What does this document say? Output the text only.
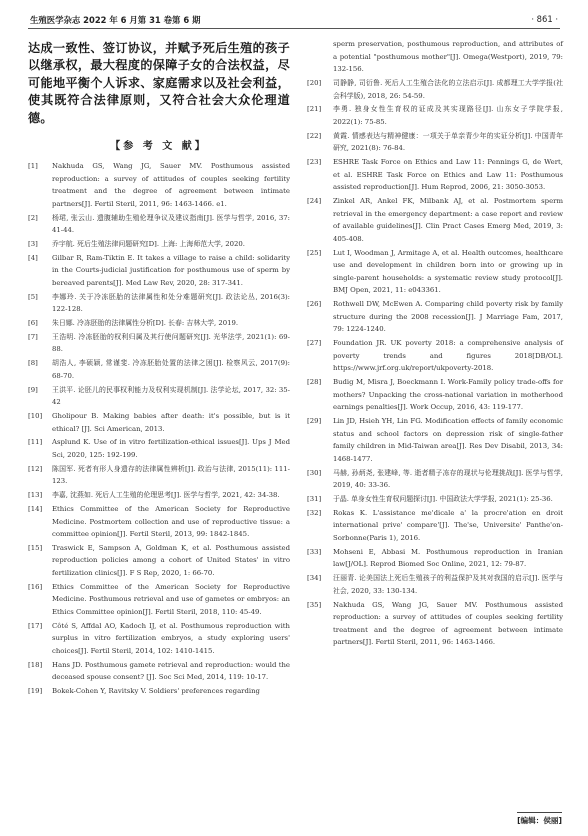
生殖医学杂志 2022 年 6 月第 31 卷第 6 期	· 861 ·

达成一致性、签订协议，并赋予死后生殖的孩子以继承权，最大程度的保障子女的合法权益，尽可能地平衡个人诉求、家庭需求以及社会利益，使其既符合法律原则，又符合社会大众伦理道德。

【参 考 文 献】
[1] Nakhuda GS, Wang JG, Sauer MV. Posthumous assisted reproduction: a survey of attitudes of couples seeking fertility treatment and the degree of agreement between intimate partners[J]. Fertil Steril, 2011, 96: 1463-1466. e1.
[2] 杨珺, 张云山. 遗腹辅助生殖伦理争议及建议指南[J]. 医学与哲学, 2016, 37: 41-44.
[3] 乔宇航. 死后生殖法律问题研究[D]. 上海: 上海师范大学, 2020.
[4] Gilbar R, Ram-Tiktin E. It takes a village to raise a child: solidarity in the Courts-judicial justification for posthumous use of sperm by bereaved parents[J]. Med Law Rev, 2020, 28: 317-341.
[5] 李娜玲. 关于冷冻胚胎的法律属性和处分难题研究[J]. 政法论丛, 2016(3): 122-128.
[6] 朱日娜. 冷冻胚胎的法律属性分析[D]. 长春: 吉林大学, 2019.
[7] 王浩明. 冷冻胚胎的权利归属及其行使问题研究[J]. 光华法学, 2021(1): 69-88.
[8] 胡浩人, 李硕颖, 常谨斐. 冷冻胚胎处置的法律之困[J]. 检察风云, 2017(9): 68-70.
[9] 王洪平. 论胚儿的民事权利能力及权利实现机制[J]. 法学论坛, 2017, 32: 35-42
[10] Gholipour B. Making babies after death: it's possible, but is it ethical? [J]. Sci American, 2013.
[11] Asplund K. Use of in vitro fertilization-ethical issues[J]. Ups J Med Sci, 2020, 125: 192-199.
[12] 陈国军. 死者有形人身遗存的法律属性辨析[J]. 政治与法律, 2015(11): 111-123.
[13] 李嘉, 沈燕如. 死后人工生殖的伦理思考[J]. 医学与哲学, 2021, 42: 34-38.
[14] Ethics Committee of the American Society for Reproductive Medicine. Postmortem collection and use of reproductive tissue: a committee opinion[J]. Fertil Steril, 2013, 99: 1842-1845.
[15] Traswick E, Sampson A, Goldman K, et al. Posthumous assisted reproduction policies among a cohort of United States' in vitro fertilization clinics[J]. F S Rep, 2020, 1: 66-70.
[16] Ethics Committee of the American Society for Reproductive Medicine. Posthumous retrieval and use of gametes or embryos: an Ethics Committee opinion[J]. Fertil Steril, 2018, 110: 45-49.
[17] Côté S, Affdal AO, Kadoch IJ, et al. Posthumous reproduction with surplus in vitro fertilization embryos, a study exploring users' choices[J]. Fertil Steril, 2014, 102: 1410-1415.
[18] Hans JD. Posthumous gamete retrieval and reproduction: would the deceased spouse consent? [J]. Soc Sci Med, 2014, 119: 10-17.
[19] Bokek-Cohen Y, Ravitsky V. Soldiers' preferences regarding
sperm preservation, posthumous reproduction, and attributes of a potential "posthumous mother"[J]. Omega(Westport), 2019, 79: 132-156.
[20] 司静静, 司衍鲁. 死后人工生殖合法化的立法启示[J]. 成都理工大学学报(社会科学版), 2018, 26: 54-59.
[21] 李勇. 独身女性生育权的证成及其实现路径[J]. 山东女子学院学报, 2022(1): 75-85.
[22] 黄霞. 情感表达与精神健康：一项关于单亲青少年的实证分析[J]. 中国青年研究, 2021(8): 76-84.
[23] ESHRE Task Force on Ethics and Law 11: Pennings G, de Wert, et al. ESHRE Task Force on Ethics and Law 11: Posthumous assisted reproduction[J]. Hum Reprod, 2006, 21: 3050-3053.
[24] Zinkel AR, Ankel FK, Milbank AJ, et al. Postmortem sperm retrieval in the emergency department: a case report and review of available guidelines[J]. Clin Pract Cases Emerg Med, 2019, 3: 405-408.
[25] Lut I, Woodman J, Armitage A, et al. Health outcomes, healthcare use and development in children born into or growing up in single-parent households: a systematic review study protocol[J]. BMJ Open, 2021, 11: e043361.
[26] Rothwell DW, McEwen A. Comparing child poverty risk by family structure during the 2008 recession[J]. J Marriage Fam, 2017, 79: 1224-1240.
[27] Foundation JR. UK poverty 2018: a comprehensive analysis of poverty trends and figures 2018[DB/OL]. https://www.jrf.org.uk/report/ukpoverty-2018.
[28] Budig M, Misra J, Boeckmann I. Work-Family policy trade-offs for mothers? Unpacking the cross-national variation in motherhood earnings penalties[J]. Work Occup, 2016, 43: 119-177.
[29] Lin JD, Hsieh YH, Lin FG. Modification effects of family economic status and school factors on depression risk of single-father family children in Mid-Taiwan area[J]. Res Dev Disabil, 2013, 34: 1468-1477.
[30] 马赫, 孙炳尧, 张建峰, 等. 逝者精子冻存的现状与伦理挑战[J]. 医学与哲学, 2019, 40: 33-36.
[31] 于晶. 单身女性生育权问题探讨[J]. 中国政法大学学报, 2021(1): 25-36.
[32] Rokas K. L'assistance me'dicale a' la procre'ation en droit international prive' compare'[J]. The'se, Universite' Panthe'on-Sorbonne(Paris 1), 2016.
[33] Mohseni E, Abbasi M. Posthumous reproduction in Iranian law[J/OL]. Reprod Biomed Soc Online, 2021, 12: 79-87.
[34] 汪丽青. 论美国法上死后生殖孩子的利益保护及其对我国的启示[J]. 医学与社会, 2020, 33: 130-134.
[35] Nakhuda GS, Wang JG, Sauer MV. Posthumous assisted reproduction: a survey of attitudes of couples seeking fertility treatment and the degree of agreement between intimate partners[J]. Fertil Steril, 2011, 96: 1463-1466.
[编辑：侯丽]
